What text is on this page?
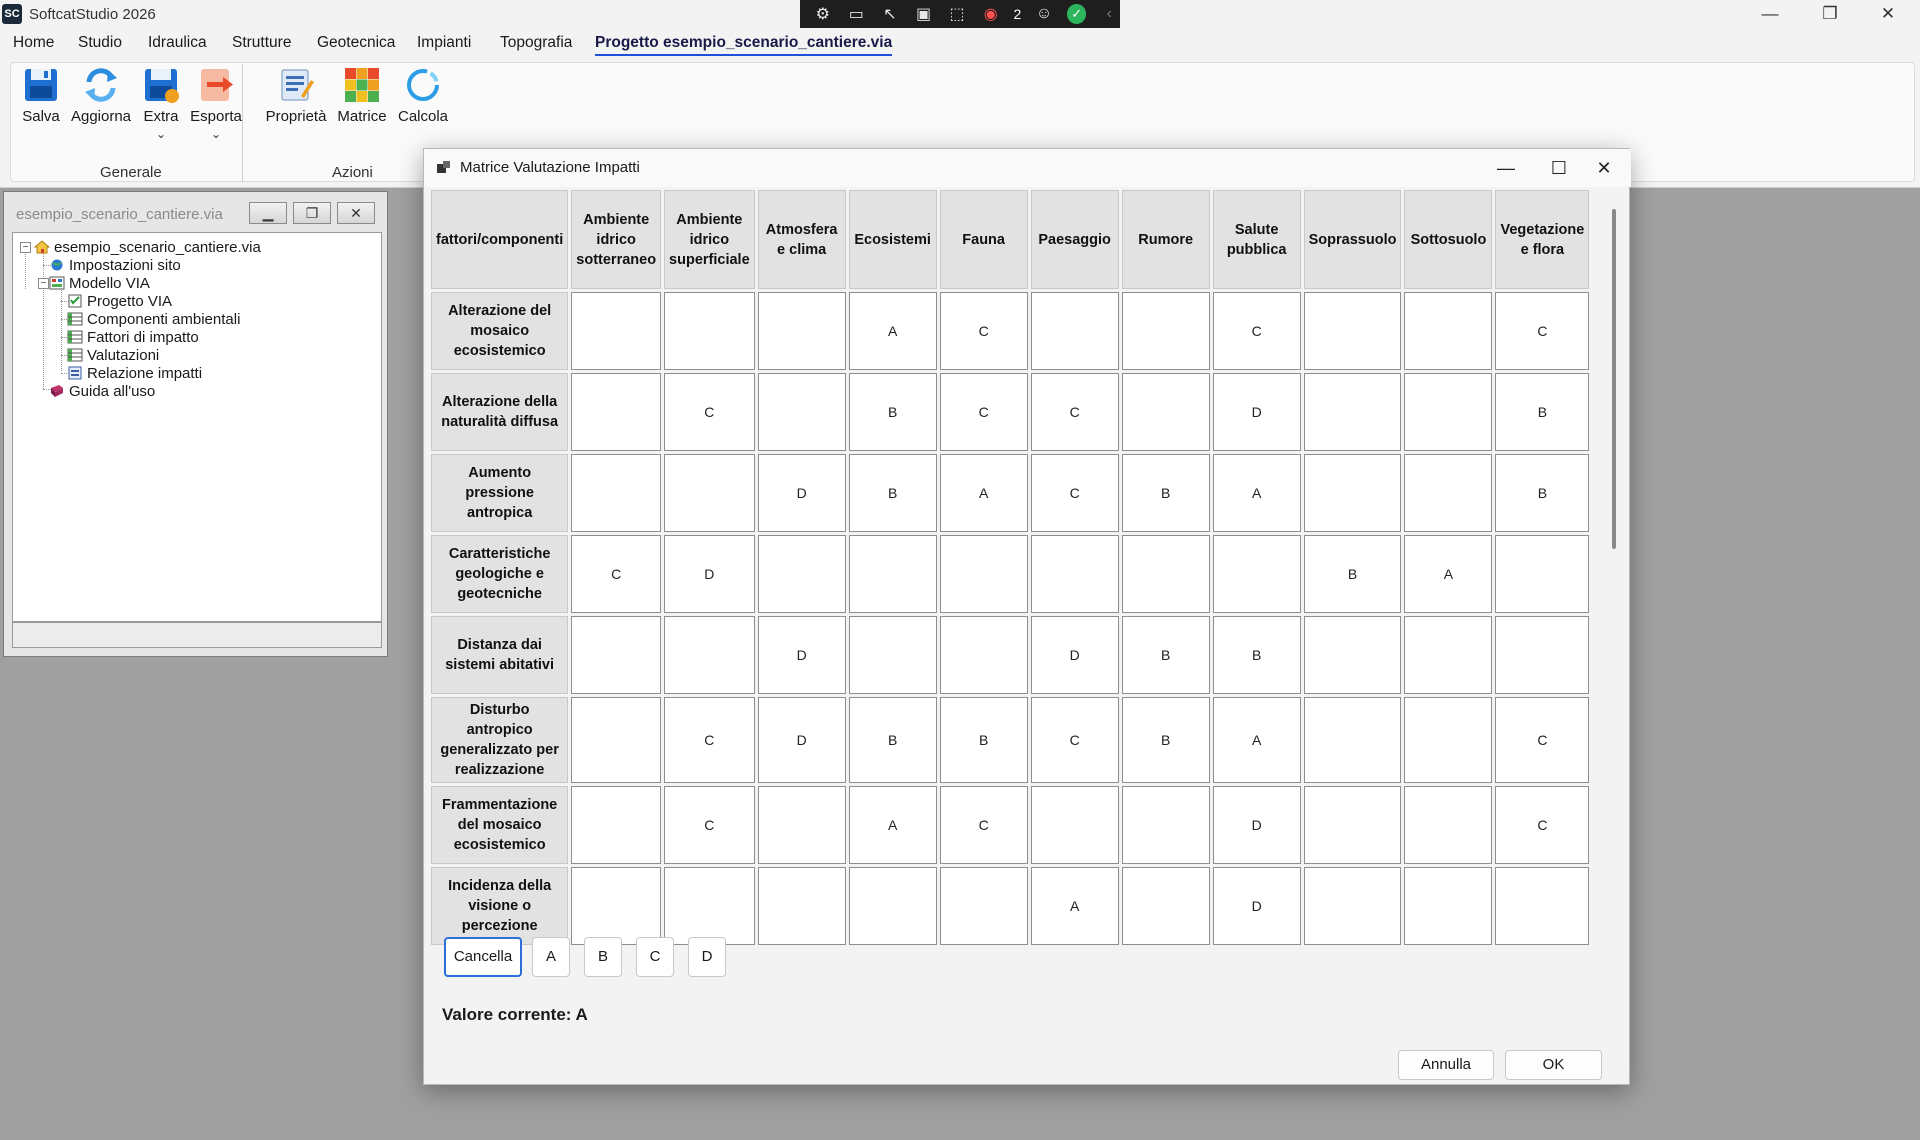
SC SoftcatStudio 2026	⚙ ▭ ↖ ▣ ⬚ ◉ 2 ☺	✓	‹	—	❐	✕
Home Studio Idraulica Strutture Geotecnica Impianti Topografia Progetto esempio_scenario_cantiere.via
Salva Aggiorna Extra
⌄
Esporta
⌄
Proprietà Matrice Calcola
Generale	Azioni
esempio_scenario_cantiere.via	▁	❐	✕
−
−
esempio_scenario_cantiere.via
Impostazioni sito
Modello VIA
Progetto VIA
Componenti ambientali
Fattori di impatto
Valutazioni
Relazione impatti
Guida all'uso
Matrice Valutazione Impatti	—	☐	✕
fattori/componenti	Ambiente idrico sotterraneo	Ambiente idrico superficiale	Atmosfera e clima	Ecosistemi	Fauna	Paesaggio	Rumore	Salute pubblica	Soprassuolo	Sottosuolo	Vegetazione e flora
Alterazione del mosaico ecosistemico				A	C			C			C
Alterazione della naturalità diffusa		C		B	C	C		D			B
Aumento pressione antropica			D	B	A	C	B	A			B
Caratteristiche geologiche e geotecniche	C	D							B	A	
Distanza dai sistemi abitativi			D			D	B	B			
Disturbo antropico generalizzato per realizzazione		C	D	B	B	C	B	A			C
Frammentazione del mosaico ecosistemico		C		A	C			D			C
Incidenza della visione o percezione						A		D			
Cancella	A	B	C	D
Valore corrente: A
Annulla	OK
